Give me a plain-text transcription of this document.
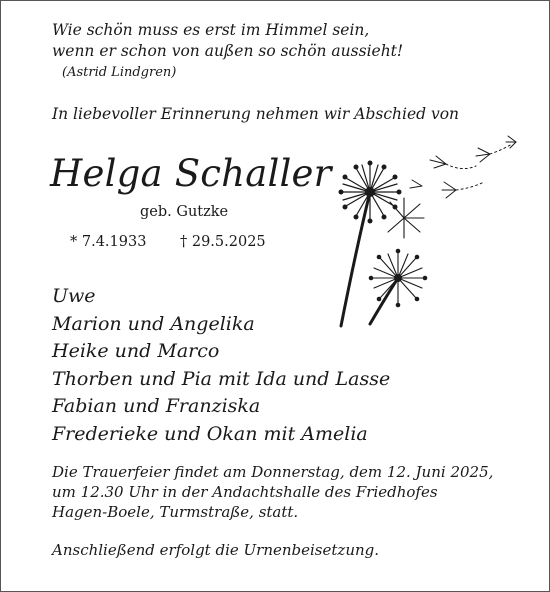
Wie schön muss es erst im Himmel sein,
wenn er schon von außen so schön aussieht!
(Astrid Lindgren)
In liebevoller Erinnerung nehmen wir Abschied von
Helga Schaller
geb. Gutzke
* 7.4.1933 † 29.5.2025
Uwe
Marion und Angelika
Heike und Marco
Thorben und Pia mit Ida und Lasse
Fabian und Franziska
Frederieke und Okan mit Amelia
Die Trauerfeier findet am Donnerstag, dem 12. Juni 2025,
um 12.30 Uhr in der Andachtshalle des Friedhofes
Hagen-Boele, Turmstraße, statt.
Anschließend erfolgt die Urnenbeisetzung.
